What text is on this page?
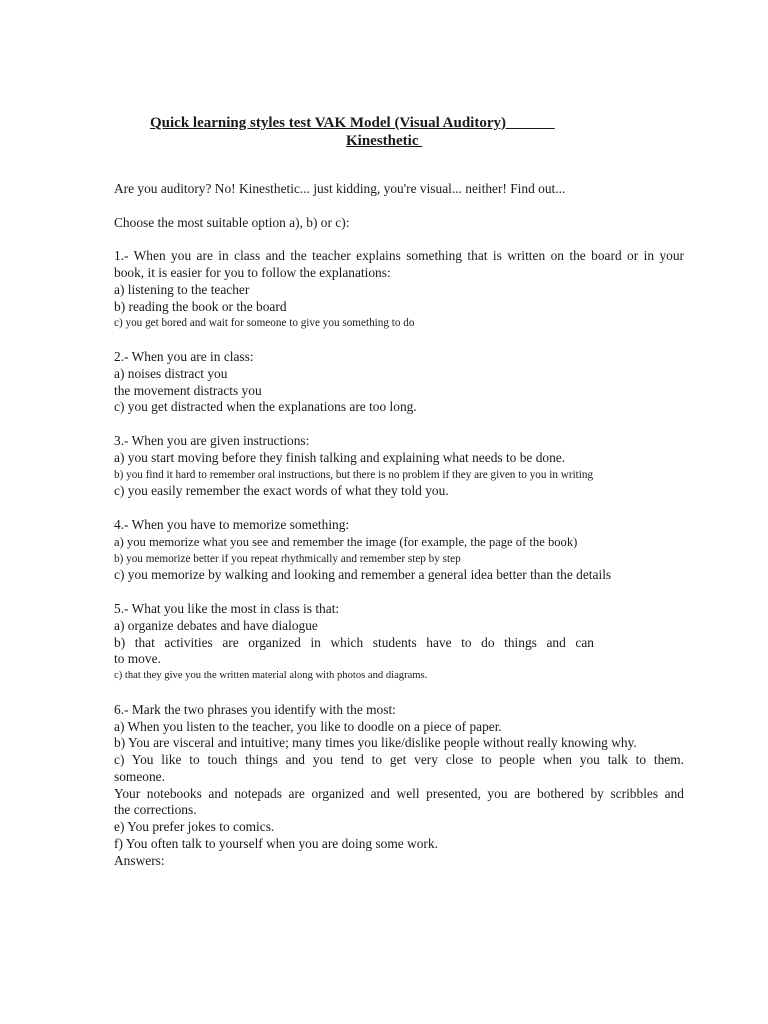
Quick learning styles test VAK Model (Visual Auditory)
Kinesthetic
Are you auditory? No! Kinesthetic... just kidding, you're visual... neither! Find out...
Choose the most suitable option a), b) or c):
1.- When you are in class and the teacher explains something that is written on the board or in your
book, it is easier for you to follow the explanations:
a) listening to the teacher
b) reading the book or the board
c) you get bored and wait for someone to give you something to do
2.- When you are in class:
a) noises distract you
the movement distracts you
c) you get distracted when the explanations are too long.
3.- When you are given instructions:
a) you start moving before they finish talking and explaining what needs to be done.
b) you find it hard to remember oral instructions, but there is no problem if they are given to you in writing
c) you easily remember the exact words of what they told you.
4.- When you have to memorize something:
a) you memorize what you see and remember the image (for example, the page of the book)
b) you memorize better if you repeat rhythmically and remember step by step
c) you memorize by walking and looking and remember a general idea better than the details
5.- What you like the most in class is that:
a) organize debates and have dialogue
b) that activities are organized in which students have to do things and can
to move.
c) that they give you the written material along with photos and diagrams.
6.- Mark the two phrases you identify with the most:
a) When you listen to the teacher, you like to doodle on a piece of paper.
b) You are visceral and intuitive; many times you like/dislike people without really knowing why.
c) You like to touch things and you tend to get very close to people when you talk to them.
someone.
Your notebooks and notepads are organized and well presented, you are bothered by scribbles and
the corrections.
e) You prefer jokes to comics.
f) You often talk to yourself when you are doing some work.
Answers:
